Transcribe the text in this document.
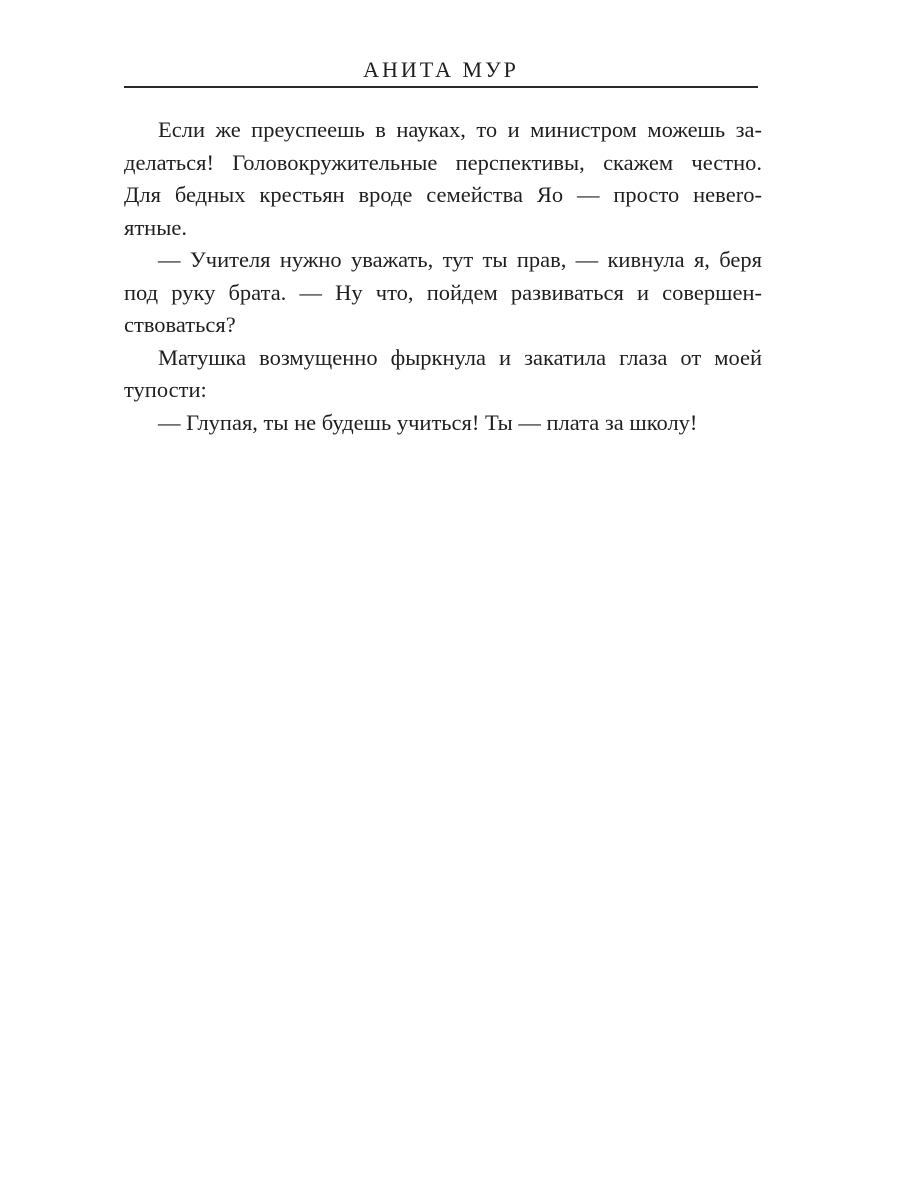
АНИТА МУР
Если же преуспеешь в науках, то и министром можешь за-
делаться! Головокружительные перспективы, скажем честно.
Для бедных крестьян вроде семейства Яо — просто невero-
ятные.
— Учителя нужно уважать, тут ты прав, — кивнула я, беря
под руку брата. — Ну что, пойдем развиваться и совершен-
ствоваться?
Матушка возмущенно фыркнула и закатила глаза от моей
тупости:
— Глупая, ты не будешь учиться! Ты — плата за школу!
